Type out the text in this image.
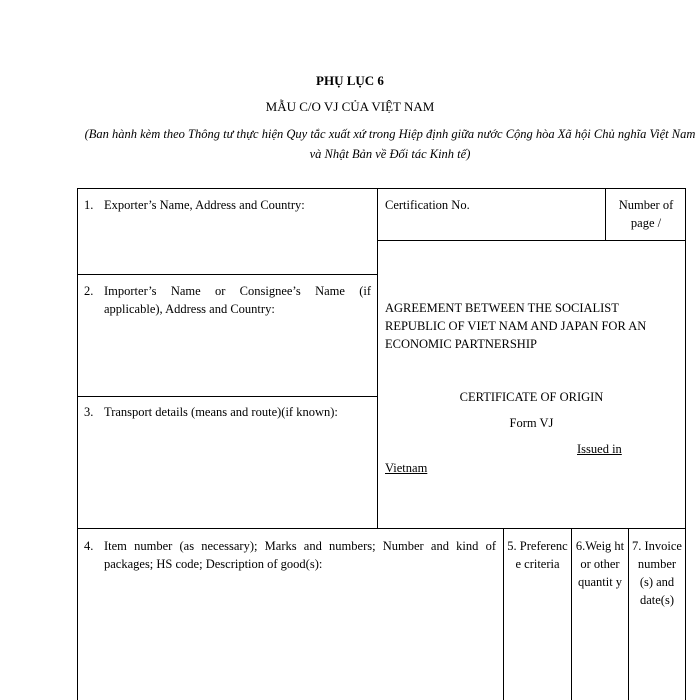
PHỤ LỤC 6
MẪU C/O VJ CỦA VIỆT NAM
(Ban hành kèm theo Thông tư thực hiện Quy tắc xuất xứ trong Hiệp định giữa nước Cộng hòa Xã hội Chủ nghĩa Việt Nam và Nhật Bản về Đối tác Kinh tế)
1. Exporter’s Name, Address and Country:
2. Importer’s Name or Consignee’s Name (if applicable), Address and Country:
3. Transport details (means and route)(if known):
Certification No.	Number of page /
AGREEMENT BETWEEN THE SOCIALIST REPUBLIC OF VIET NAM AND JAPAN FOR AN ECONOMIC PARTNERSHIP
CERTIFICATE OF ORIGIN
Form VJ
Issued in
Vietnam
4. Item number (as necessary); Marks and numbers; Number and kind of packages; HS code; Description of good(s):
5. Preferenc e criteria
6.Weig ht or other quantit y
7. Invoice number (s) and date(s)
